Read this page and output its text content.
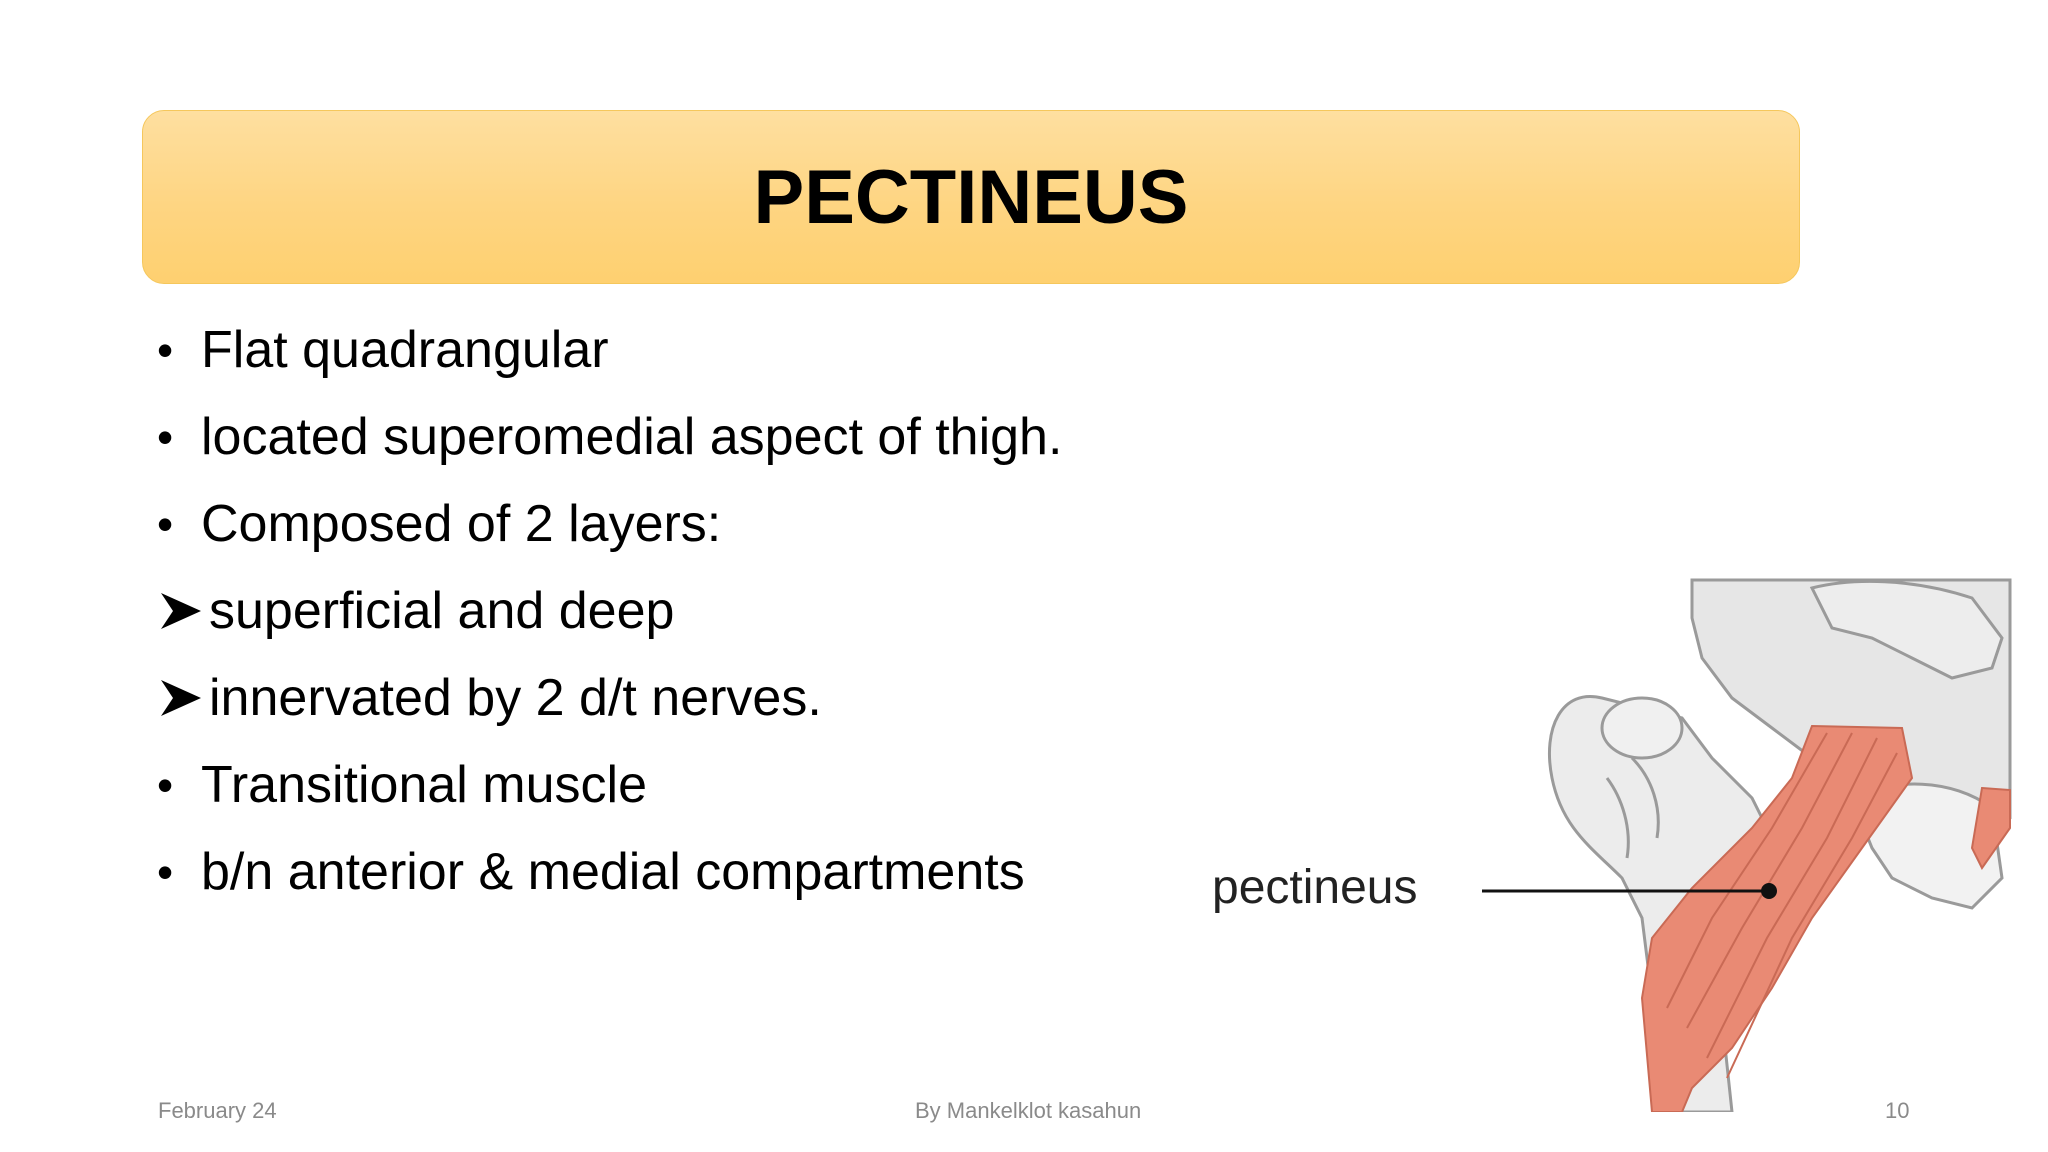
PECTINEUS
• Flat quadrangular
• located superomedial aspect of thigh.
• Composed of 2 layers:
superficial and deep
innervated by 2 d/t nerves.
• Transitional muscle
• b/n anterior & medial compartments	pectineus
February 24	By Mankelklot kasahun	10
